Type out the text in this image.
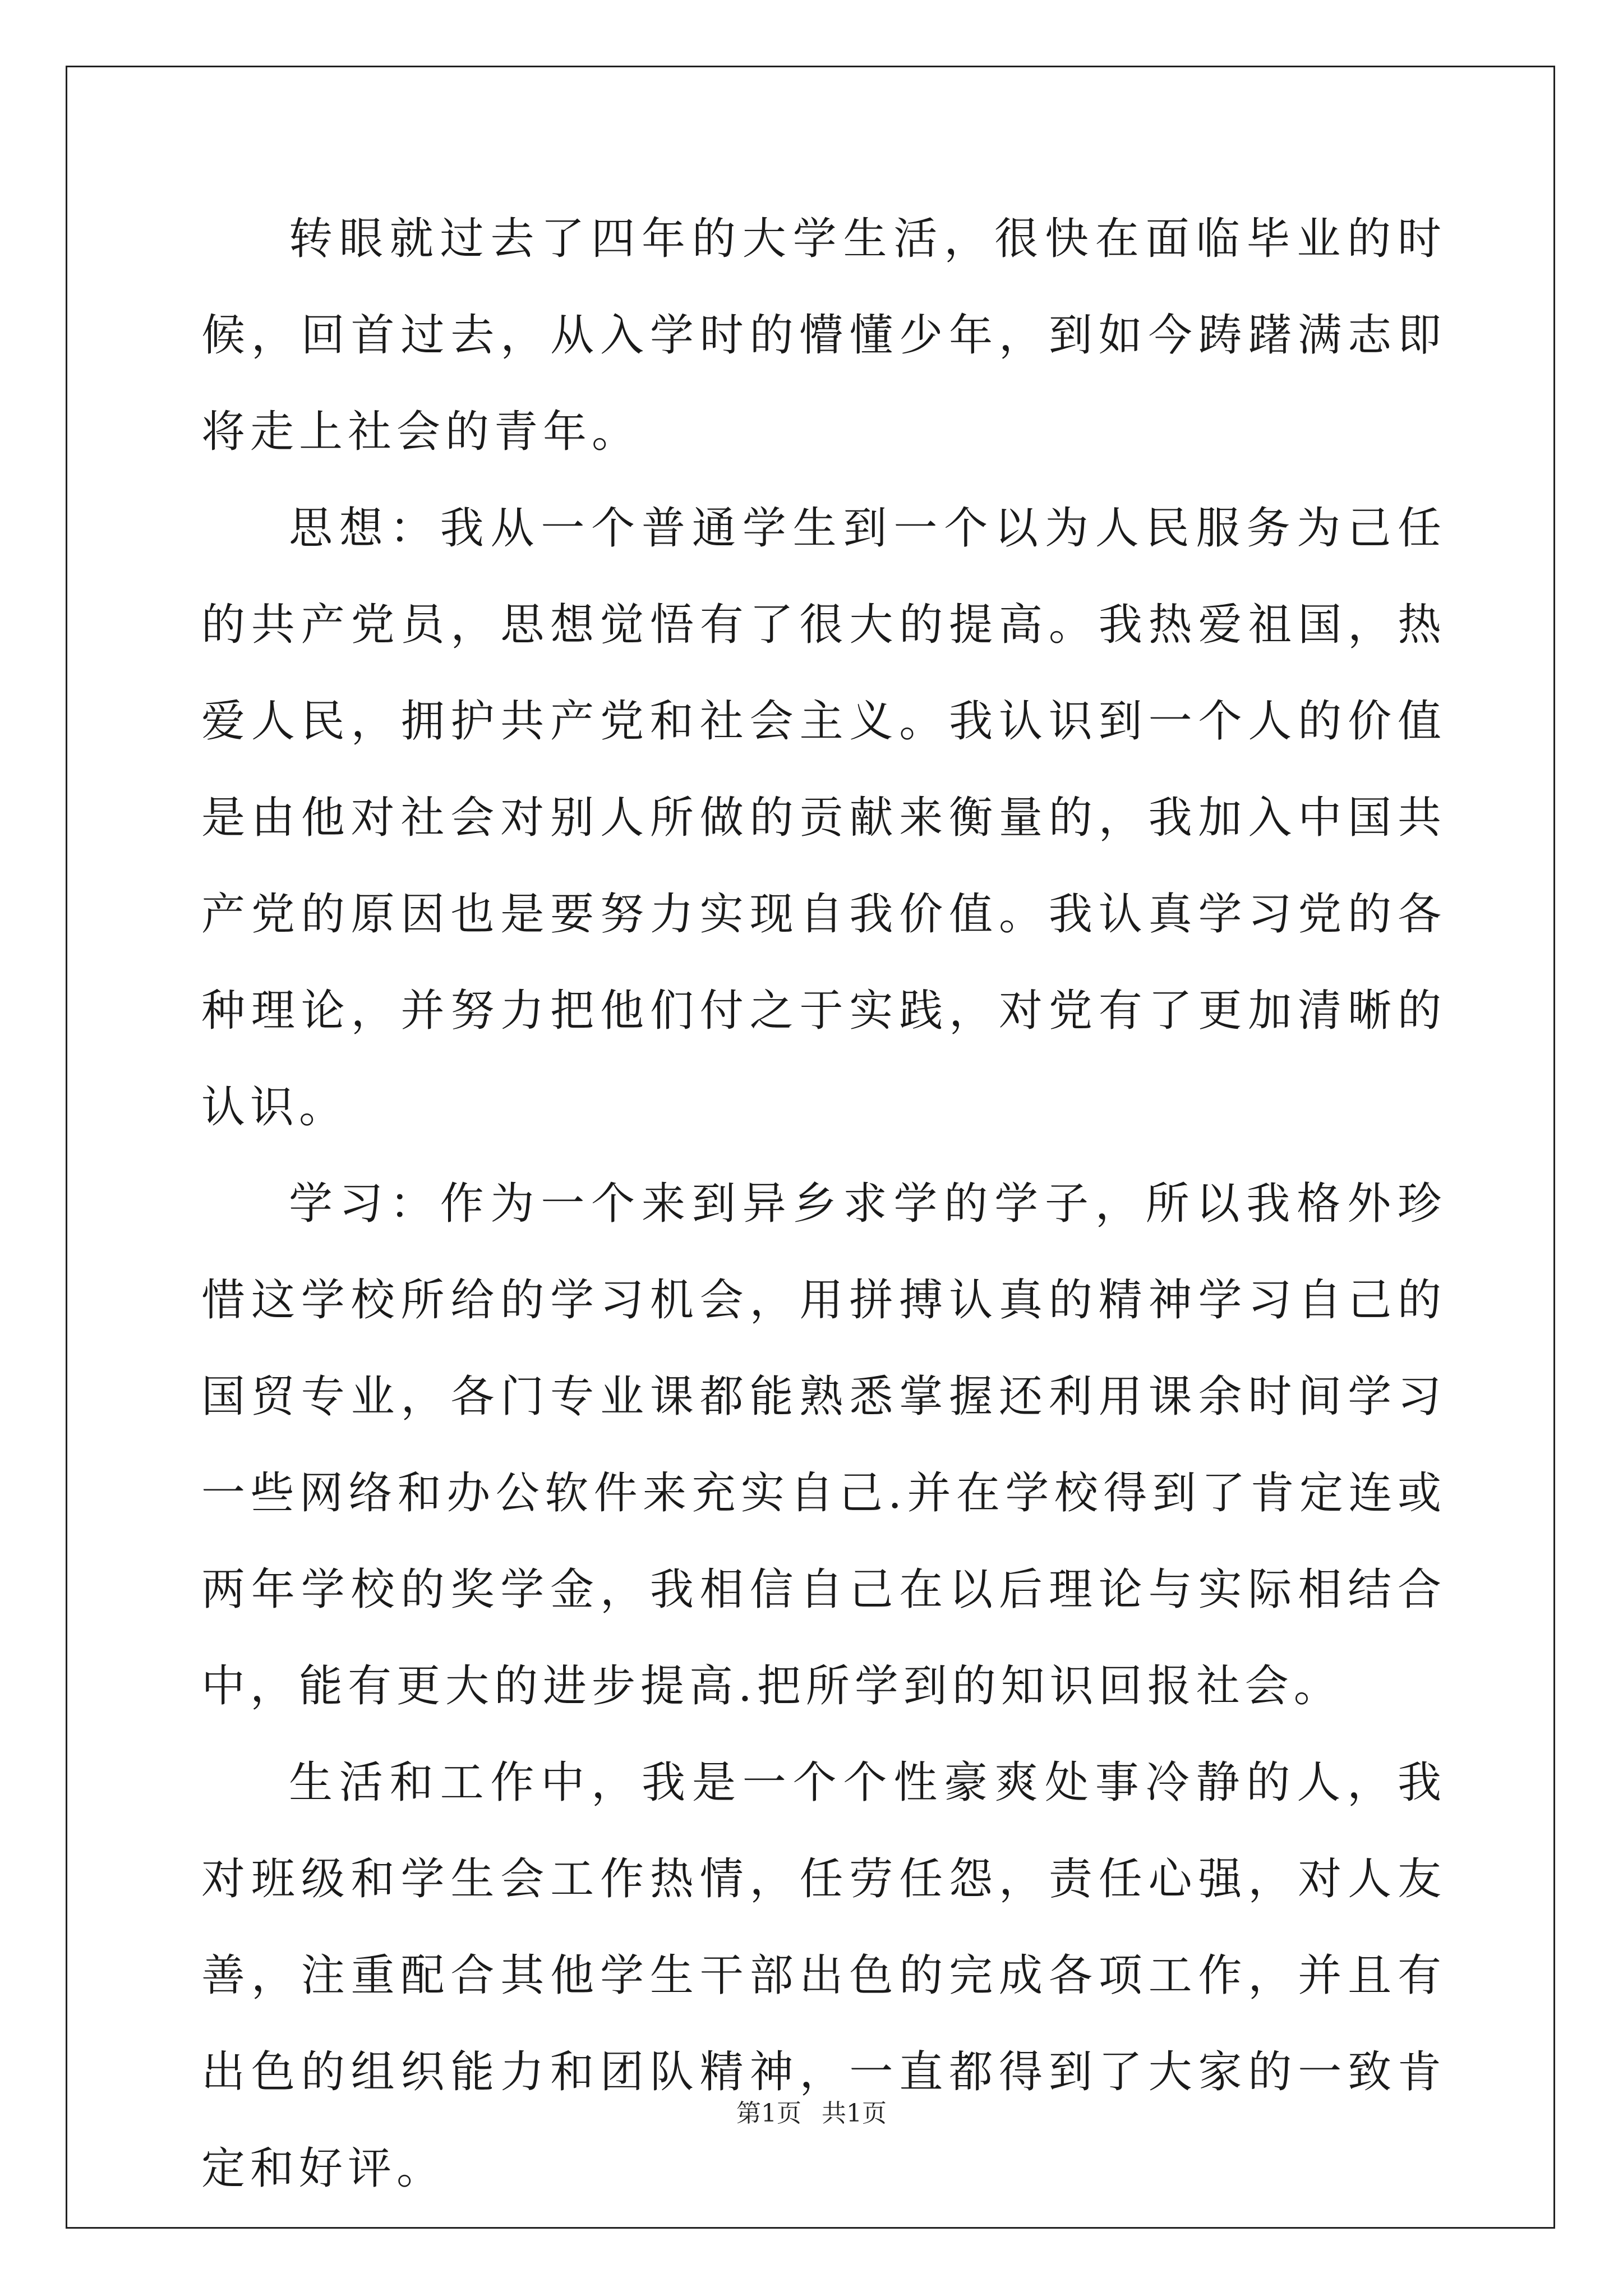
转眼就过去了四年的大学生活，很快在面临毕业的时候，回首过去，从入学时的懵懂少年，到如今踌躇满志即将走上社会的青年。

思想：我从一个普通学生到一个以为人民服务为己任的共产党员，思想觉悟有了很大的提高。我热爱祖国，热爱人民，拥护共产党和社会主义。我认识到一个人的价值是由他对社会对别人所做的贡献来衡量的，我加入中国共产党的原因也是要努力实现自我价值。我认真学习党的各种理论，并努力把他们付之于实践，对党有了更加清晰的认识。

学习：作为一个来到异乡求学的学子，所以我格外珍惜这学校所给的学习机会，用拼搏认真的精神学习自己的国贸专业，各门专业课都能熟悉掌握还利用课余时间学习一些网络和办公软件来充实自己.并在学校得到了肯定连或两年学校的奖学金，我相信自己在以后理论与实际相结合中，能有更大的进步提高.把所学到的知识回报社会。

生活和工作中，我是一个个性豪爽处事冷静的人，我对班级和学生会工作热情，任劳任怨，责任心强，对人友善，注重配合其他学生干部出色的完成各项工作，并且有出色的组织能力和团队精神，一直都得到了大家的一致肯定和好评。

第1页 共1页
